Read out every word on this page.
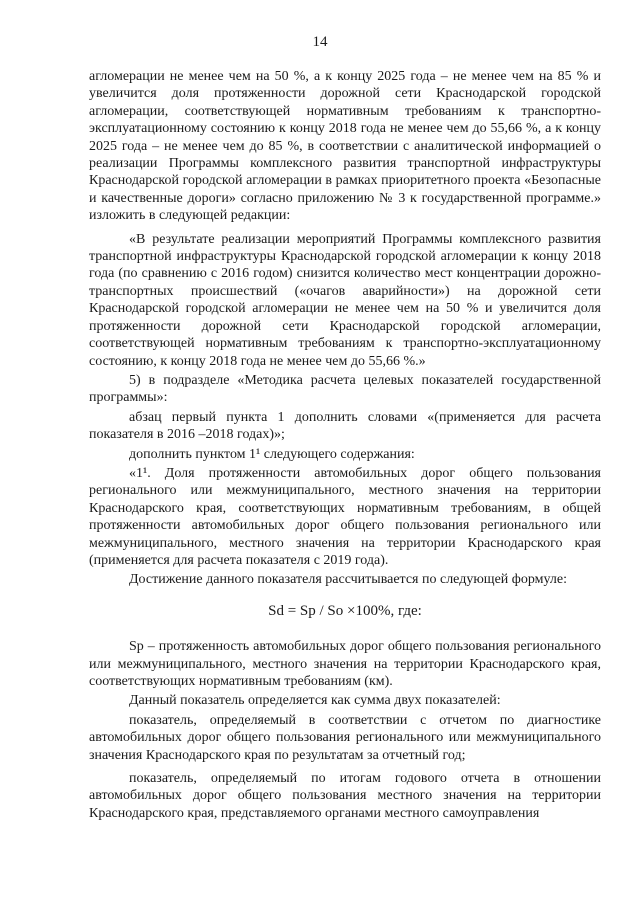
14

агломерации не менее чем на 50 %, а к концу 2025 года – не менее чем на 85 % и увеличится доля протяженности дорожной сети Краснодарской городской агломерации, соответствующей нормативным требованиям к транспортно-эксплуатационному состоянию к концу 2018 года не менее чем до 55,66 %, а к концу 2025 года – не менее чем до 85 %, в соответствии с аналитической информацией о реализации Программы комплексного развития транспортной инфраструктуры Краснодарской городской агломерации в рамках приоритетного проекта «Безопасные и качественные дороги» согласно приложению № 3 к государственной программе.» изложить в следующей редакции:

«В результате реализации мероприятий Программы комплексного развития транспортной инфраструктуры Краснодарской городской агломерации к концу 2018 года (по сравнению с 2016 годом) снизится количество мест концентрации дорожно-транспортных происшествий («очагов аварийности») на дорожной сети Краснодарской городской агломерации не менее чем на 50 % и увеличится доля протяженности дорожной сети Краснодарской городской агломерации, соответствующей нормативным требованиям к транспортно-эксплуатационному состоянию, к концу 2018 года не менее чем до 55,66 %.»

5) в подразделе «Методика расчета целевых показателей государственной программы»:

абзац первый пункта 1 дополнить словами «(применяется для расчета показателя в 2016 –2018 годах)»;

дополнить пунктом 1¹ следующего содержания:

«1¹. Доля протяженности автомобильных дорог общего пользования регионального или межмуниципального, местного значения на территории Краснодарского края, соответствующих нормативным требованиям, в общей протяженности автомобильных дорог общего пользования регионального или межмуниципального, местного значения на территории Краснодарского края (применяется для расчета показателя с 2019 года).

Достижение данного показателя рассчитывается по следующей формуле:

Sd = Sp / So ×100%, где:

Sp – протяженность автомобильных дорог общего пользования регионального или межмуниципального, местного значения на территории Краснодарского края, соответствующих нормативным требованиям (км).

Данный показатель определяется как сумма двух показателей:

показатель, определяемый в соответствии с отчетом по диагностике автомобильных дорог общего пользования регионального или межмуниципального значения Краснодарского края по результатам за отчетный год;

показатель, определяемый по итогам годового отчета в отношении автомобильных дорог общего пользования местного значения на территории Краснодарского края, представляемого органами местного самоуправления
